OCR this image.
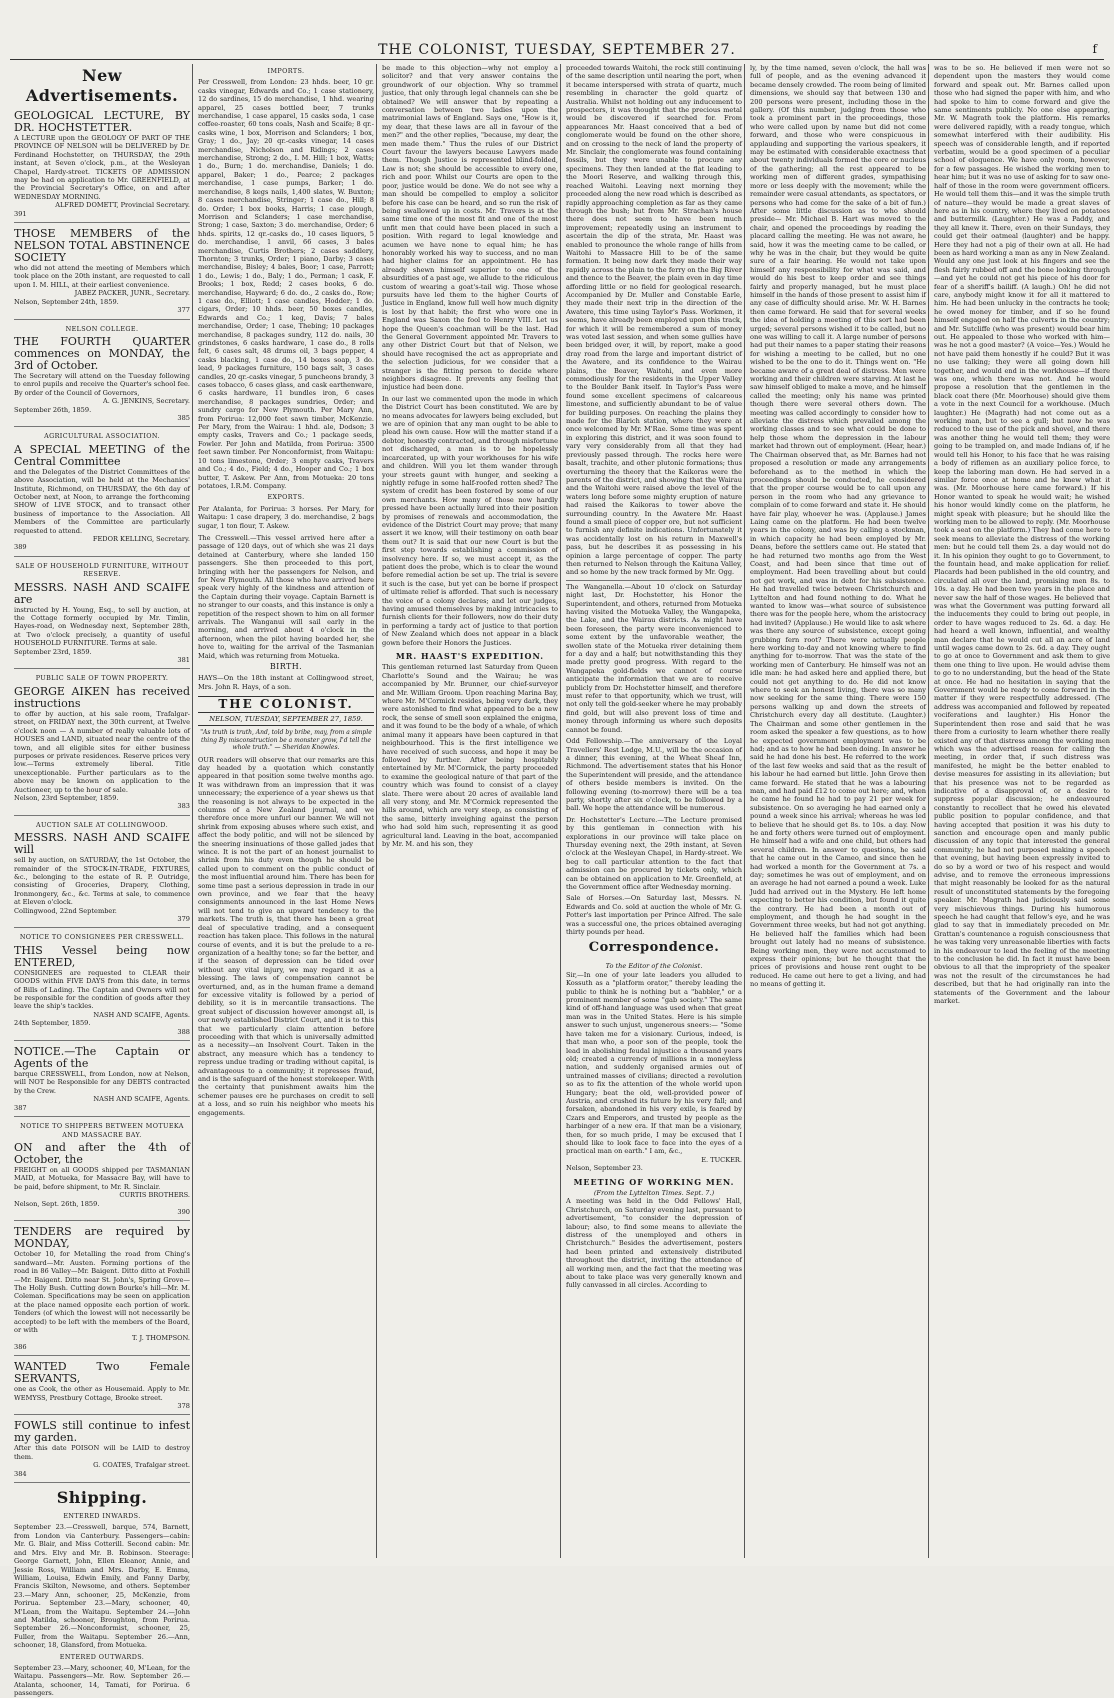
THE COLONIST, TUESDAY, SEPTEMBER 27.	f
New Advertisements.
GEOLOGICAL LECTURE, BY DR. HOCHSTETTER.
A LECTURE upon the GEOLOGY OF PART OF THE PROVINCE OF NELSON will be DELIVERED by Dr. Ferdinand Hochstetter, on THURSDAY, the 29th instant, at Seven o'clock, p.m., at the Wesleyan Chapel, Hardy-street. TICKETS OF ADMISSION may be had on application to Mr. GREENFIELD, at the Provincial Secretary's Office, on and after WEDNESDAY MORNING.
ALFRED DOMETT, Provincial Secretary.
391
THOSE MEMBERS of the NELSON TOTAL ABSTINENCE SOCIETY
who did not attend the meeting of Members which took place on the 20th instant, are requested to call upon I. M. HILL, at their earliest convenience.
JABEZ PACKER, JUNR., Secretary.
Nelson, September 24th, 1859.
377
NELSON COLLEGE.
THE FOURTH QUARTER commences on MONDAY, the 3rd of October.
The Secretary will attend on the Tuesday following to enrol pupils and receive the Quarter's school fee. By order of the Council of Governors,
A. G. JENKINS, Secretary.
September 26th, 1859.
385
AGRICULTURAL ASSOCIATION.
A SPECIAL MEETING of the Central Committee
and the Delegates of the District Committees of the above Association, will be held at the Mechanics' Institute, Richmond, on THURSDAY, the 6th day of October next, at Noon, to arrange the forthcoming SHOW of LIVE STOCK, and to transact other business of importance to the Association. All Members of the Committee are particularly requested to attend.
FEDOR KELLING, Secretary.
389
SALE OF HOUSEHOLD FURNITURE, WITHOUT RESERVE.
MESSRS. NASH AND SCAIFE are
instructed by H. Young, Esq., to sell by auction, at the Cottage formerly occupied by Mr. Timlin, Hayes-road, on Wednesday next, September 28th, at Two o'clock precisely, a quantity of useful HOUSEHOLD FURNITURE. Terms at sale.
September 23rd, 1859.
381
PUBLIC SALE OF TOWN PROPERTY.
GEORGE AIKEN has received instructions
to offer by auction, at his sale room, Trafalgar-street, on FRIDAY next, the 30th current, at Twelve o'clock noon — A number of really valuable lots of HOUSES and LAND, situated near the centre of the town, and all eligible sites for either business purposes or private residences. Reserve prices very low.—Terms extremely liberal. Title unexceptionable. Further particulars as to the above may be known on application to the Auctioneer, up to the hour of sale.
Nelson, 23rd September, 1859.
383
AUCTION SALE AT COLLINGWOOD.
MESSRS. NASH AND SCAIFE will
sell by auction, on SATURDAY, the 1st October, the remainder of the STOCK-IN-TRADE, FIXTURES, &c., belonging to the estate of R. P. Outridge, consisting of Groceries, Drapery, Clothing, Ironmongery, &c., &c. Terms at sale, to commence at Eleven o'clock.
Collingwood, 22nd September.
379
NOTICE TO CONSIGNEES PER CRESSWELL.
THIS Vessel being now ENTERED,
CONSIGNEES are requested to CLEAR their GOODS within FIVE DAYS from this date, in terms of Bills of Lading. The Captain and Owners will not be responsible for the condition of goods after they leave the ship's tackles.
NASH AND SCAIFE, Agents.
24th September, 1859.
388
NOTICE.—The Captain or Agents of the
barque CRESSWELL, from London, now at Nelson, will NOT be Responsible for any DEBTS contracted by the Crew.
NASH AND SCAIFE, Agents.
387
NOTICE TO SHIPPERS BETWEEN MOTUEKA AND MASSACRE BAY.
ON and after the 4th of October, the
FREIGHT on all GOODS shipped per TASMANIAN MAID, at Motueka, for Massacre Bay, will have to be paid, before shipment, to Mr. R. Sinclair.
CURTIS BROTHERS.
Nelson, Sept. 26th, 1859.
390
TENDERS are required by MONDAY,
October 10, for Metalling the road from Ching's sandward—Mr. Austen. Forming portions of the road in 86 Valley—Mr. Baigent. Ditto ditto at Foxhill—Mr. Baigent. Ditto near St. John's, Spring Grove—The Holly Bush. Cutting down Bourke's hill—Mr. M. Coleman. Specifications may be seen on application at the place named opposite each portion of work. Tenders (of which the lowest will not necessarily be accepted) to be left with the members of the Board, or with
T. J. THOMPSON.
386
WANTED Two Female SERVANTS,
one as Cook, the other as Housemaid. Apply to Mr. WEMYSS, Prestbury Cottage, Brooke street.
378
FOWLS still continue to infest my garden.
After this date POISON will be LAID to destroy them.
G. COATES, Trafalgar street.
384
Shipping.
ENTERED INWARDS.
September 23.—Cresswell, barque, 574, Barnett, from London via Canterbury. Passengers—cabin: Mr. G. Blair, and Miss Cotterill. Second cabin: Mr. and Mrs. Elvy and Mr. B. Robinson. Steerage: George Garnett, John, Ellen Eleanor, Annie, and Jessie Ross, William and Mrs. Darby, E. Emma, William, Louisa, Edwin Emily, and Fanny Darby, Francis Skilton, Newsome, and others. September 23.—Mary Ann, schooner, 25, McKenzie, from Porirua. September 23.—Mary, schooner, 40, M'Lean, from the Waitapu. September 24.—John and Matilda, schooner, Broughton, from Porirua. September 26.—Nonconformist, schooner, 25, Fuller, from the Waitapu. September 26.—Ann, schooner, 18, Glansford, from Motueka.
ENTERED OUTWARDS.
September 23.—Mary, schooner, 40, M'Lean, for the Waitapu. Passengers—Mr. Row. September 26.—Atalanta, schooner, 14, Tamati, for Porirua. 6 passengers.
IMPORTS.
Per Cresswell, from London: 23 hhds. beer, 10 gr. casks vinegar, Edwards and Co.; 1 case stationery, 12 do sardines, 15 do merchandise, 1 hhd. wearing apparel, 25 cases bottled beer, 7 trunks merchandise, 1 case apparel, 15 casks soda, 1 case coffee-roaster, 60 tons coals, Nash and Scaife; 8 qr.-casks wine, 1 box, Morrison and Sclanders; 1 box, Gray; 1 do., Jay; 20 qr.-casks vinegar, 14 cases merchandise, Nicholson and Ridings; 2 cases merchandise, Strong; 2 do., I. M. Hill; 1 box, Watts; 1 do., Burn; 1 do. merchandise, Daniels; 1 do. apparel, Baker; 1 do., Pearce; 2 packages merchandise, 1 case pumps, Barker; 1 do. merchandise, 8 kegs nails, 1,400 slates, W. Buxton; 8 cases merchandise, Stringer; 1 case do., Hill; 8 do. Order; 1 box books, Harris; 1 case plough, Morrison and Sclanders; 1 case merchandise, Strong; 1 case, Saxton; 3 do. merchandise, Order; 6 hhds. spirits, 12 qr.-casks do., 10 cases liquors, 5 do. merchandise, 1 anvil, 66 cases, 3 bales merchandise, Curtis Brothers; 2 cases saddlery, Thornton; 3 trunks, Order; 1 piano, Darby; 3 cases merchandise, Bisley; 4 bales, Boor; 1 case, Parrott; 1 do., Lewis; 1 do., Baly; 1 do., Perman; 1 cask, F. Brooks; 1 box, Redd; 2 cases books, 6 do. merchandise, Hayward; 6 do. do., 2 casks do., Row; 1 case do., Elliott; 1 case candles, Hodder; 1 do. cigars, Order; 10 hhds. beer, 50 boxes candles, Edwards and Co.; 1 keg, Davis; 7 bales merchandise, Order; 1 case, Thebing; 10 packages merchandise, 8 packages sundry, 112 do. nails, 30 grindstones, 6 casks hardware, 1 case do., 8 rolls felt, 6 cases salt, 48 drums oil, 3 bags pepper, 4 casks blacking, 1 case do., 14 boxes soap, 3 do. lead, 9 packages furniture, 150 bags salt, 3 cases candles, 20 qr.-casks vinegar, 5 puncheons brandy, 3 cases tobacco, 6 cases glass, and cask earthenware, 6 casks hardware, 11 bundles iron, 6 cases merchandise, 8 packages sundries, Order; and sundry cargo for New Plymouth. Per Mary Ann, from Porirua: 12,000 feet sawn timber, McKenzie. Per Mary, from the Wairau: 1 hhd. ale, Dodson; 3 empty casks, Travers and Co.; 1 package seeds, Fowler. Per John and Matilda, from Porirua: 3500 feet sawn timber. Per Nonconformist, from Waitapu: 10 tons limestone, Order; 3 empty casks, Travers and Co.; 4 do., Field; 4 do., Hooper and Co.; 1 box butter, T. Askew. Per Ann, from Motueka: 20 tons potatoes, I.R.M. Company.
EXPORTS.
Per Atalanta, for Porirua: 3 horses. Per Mary, for Waitapu: 1 case drapery, 3 do. merchandise, 2 bags sugar, 1 ton flour, T. Askew.
The Cresswell.—This vessel arrived here after a passage of 120 days, out of which she was 21 days detained at Canterbury, where she landed 150 passengers. She then proceeded to this port, bringing with her the passengers for Nelson, and for New Plymouth. All those who have arrived here speak very highly of the kindness and attention of the Captain during their voyage. Captain Barnett is no stranger to our coasts, and this instance is only a repetition of the respect shown to him on all former arrivals. The Wanganui will sail early in the morning, and arrived about 4 o'clock in the afternoon, when the pilot having boarded her, she hove to, waiting for the arrival of the Tasmanian Maid, which was returning from Motueka.
BIRTH.
HAYS—On the 18th instant at Collingwood street, Mrs. John R. Hays, of a son.
THE COLONIST.
NELSON, TUESDAY, SEPTEMBER 27, 1859.
"As truth is truth, And, told by bribe, may, from a simple thing By misconstruction be a monster grow, I'd tell the whole truth." — Sheridan Knowles.
OUR readers will observe that our remarks are this day headed by a quotation which constantly appeared in that position some twelve months ago. It was withdrawn from an impression that it was unnecessary; the experience of a year shews us that the reasoning is not always to be expected in the columns of a New Zealand journal, and we therefore once more unfurl our banner. We will not shrink from exposing abuses where such exist, and affect the body politic, and will not be silenced by the sneering insinuations of those galled jades that wince. It is not the part of an honest journalist to shrink from his duty even though he should be called upon to comment on the public conduct of the most influential around him. There has been for some time past a serious depression in trade in our own province, and we fear that the heavy consignments announced in the last Home News will not tend to give an upward tendency to the markets. The truth is, that there has been a great deal of speculative trading, and a consequent reaction has taken place. This follows in the natural course of events, and it is but the prelude to a re-organization of a healthy tone; so far the better, and if the season of depression can be tided over without any vital injury, we may regard it as a blessing. The laws of compensation cannot be overturned, and, as in the human frame a demand for excessive vitality is followed by a period of debility, so it is in mercantile transactions. The great subject of discussion however amongst all, is our newly established District Court, and it is to this that we particularly claim attention before proceeding with that which is universally admitted as a necessity—an Insolvent Court. Taken in the abstract, any measure which has a tendency to repress undue trading or trading without capital, is advantageous to a community; it represses fraud, and is the safeguard of the honest storekeeper. With the certainty that punishment awaits him the schemer pauses ere he purchases on credit to sell at a loss, and so ruin his neighbor who meets his engagements.
be made to this objection—why not employ a solicitor? and that very answer contains the groundwork of our objection. Why so trammel justice, that only through legal channels can she be obtained? We will answer that by repeating a conversation between two ladies upon the matrimonial laws of England. Says one, "How is it, my dear, that these laws are all in favour of the men?" and the other replies, "because, my dear, the men made them." Thus the rules of our District Court favour the lawyers because Lawyers made them. Though Justice is represented blind-folded, Law is not; she should be accessible to every one, rich and poor. Whilst our Courts are open to the poor, justice would be done. We do not see why a man should be compelled to employ a solicitor before his case can be heard, and so run the risk of being swallowed up in costs. Mr. Travers is at the same time one of the most fit and one of the most unfit men that could have been placed in such a position. With regard to legal knowledge and acumen we have none to equal him; he has honorably worked his way to success, and no man had higher claims for an appointment. He has already shewn himself superior to one of the absurdities of a past age, we allude to the ridiculous custom of wearing a goat's-tail wig. Those whose pursuits have led them to the higher Courts of Justice in England, know full well how much dignity is lost by that habit; the first who wore one in England was Saxon the fool to Henry VIII. Let us hope the Queen's coachman will be the last. Had the General Government appointed Mr. Travers to any other District Court but that of Nelson, we should have recognised the act as appropriate and the selection judicious, for we consider that a stranger is the fitting person to decide where neighbors disagree. It prevents any feeling that injustice had been done.
In our last we commented upon the mode in which the District Court has been constituted. We are by no means advocates for lawyers being excluded, but we are of opinion that any man ought to be able to plead his own cause. How will the matter stand if a debtor, honestly contracted, and through misfortune not discharged, a man is to be hopelessly incarcerated, up with your workhouses for his wife and children. Will you let them wander through your streets gaunt with hunger, and seeking a nightly refuge in some half-roofed rotten shed? The system of credit has been fostered by some of our own merchants. How many of those now hardly pressed have been actually lured into their position by promises of renewals and accommodation, the evidence of the District Court may prove; that many assert it we know, will their testimony on oath bear them out? It is said that our new Court is but the first step towards establishing a commission of insolvency here. If so, we must accept it, as the patient does the probe, which is to clear the wound before remedial action be set up. The trial is severe it such is the case, but yet can be borne if prospect of ultimate relief is afforded. That such is necessary the voice of a colony declares; and let our judges, having amused themselves by making intricacies to furnish clients for their followers, now do their duty in performing a tardy act of justice to that portion of New Zealand which does not appear in a black gown before their Honors the Justices.
MR. HAAST'S EXPEDITION.
This gentleman returned last Saturday from Queen Charlotte's Sound and the Wairau; he was accompanied by Mr. Brunner, our chief-surveyor and Mr. William Groom. Upon reaching Marina Bay, where Mr. M'Cormick resides, being very dark, they were astonished to find what appeared to be a new rock, the sense of smell soon explained the enigma, and it was found to be the body of a whale, of which animal many it appears have been captured in that neighbourhood. This is the first intelligence we have received of such success, and hope it may be followed by further. After being hospitably entertained by Mr. M'Cormick, the party proceeded to examine the geological nature of that part of the country which was found to consist of a clayey slate. There were about 20 acres of available land all very stony, and Mr. M'Cormick represented the hills around, which are very steep, as consisting of the same, bitterly inveighing against the person who had sold him such, representing it as good agricultural land. Leaving in the boat, accompanied by Mr. M. and his son, they
proceeded towards Waitohi, the rock still continuing of the same description until nearing the port, when it became interspersed with strata of quartz, much resembling in character the gold quartz of Australia. Whilst not holding out any inducement to prospecters, it was thought that the precious metal would be discovered if searched for. From appearances Mr. Haast conceived that a bed of conglomerate would be found on the other shore, and on crossing to the neck of land the property of Mr. Sinclair, the conglomerate was found containing fossils, but they were unable to procure any specimens. They then landed at the flat leading to the Moori Reserve, and walking through this, reached Waitohi. Leaving next morning they proceeded along the new road which is described as rapidly approaching completion as far as they came through the bush; but from Mr. Strachan's house there does not seem to have been much improvement; repeatedly using an instrument to ascertain the dip of the strata, Mr. Haast was enabled to pronounce the whole range of hills from Waitohi to Massacre Hill to be of the same formation. It being now dark they made their way rapidly across the plain to the ferry on the Big River and thence to the Beaver, the plain even in day time affording little or no field for geological research. Accompanied by Dr. Muller and Constable Earle, they made their next trip in the direction of the Awatere, this time using Taylor's Pass. Workmen, it seems, have already been employed upon this track, for which it will be remembered a sum of money was voted last session, and when some gullies have been bridged over, it will, by report, make a good dray road from the large and important district of the Awatere, and its confidence to the Wairau plains, the Beaver, Waitohi, and even more commodiously for the residents in the Upper Valley to the Boulder Bank itself. In Taylor's Pass were found some excellent specimens of calcareous limestone, and sufficiently abundant to be of value for building purposes. On reaching the plains they made for the Blarich station, where they were at once welcomed by Mr. M'Rae. Some time was spent in exploring this district, and it was soon found to vary very considerably from all that they had previously passed through. The rocks here were basalt, trachite, and other plutonic formations; thus overturning the theory that the Kaikoras were the parents of the district, and showing that the Wairau and the Waitohi were raised above the level of the waters long before some mighty eruption of nature had raised the Kaikoras to tower above the surrounding country. In the Awatere Mr. Haast found a small piece of copper ore, but not sufficient to furnish any definite indications. Unfortunately it was accidentally lost on his return in Maxwell's pass, but he describes it as possessing in his opinion a large percentage of copper. The party then returned to Nelson through the Kaituna Valley, and so home by the new track formed by Mr. Ogg.
The Wanganella.—About 10 o'clock on Saturday night last, Dr. Hochstetter, his Honor the Superintendent, and others, returned from Motueka having visited the Motueka Valley, the Wangapeka, the Lake, and the Wairau districts. As might have been foreseen, the party were inconvenienced to some extent by the unfavorable weather, the swollen state of the Motueka river detaining them for a day and a half; but notwithstanding this they made pretty good progress. With regard to the Wangapeka gold-fields we cannot of course anticipate the information that we are to receive publicly from Dr. Hochstetter himself, and therefore must refer to that opportunity, which we trust, will not only tell the gold-seeker where he may probably find gold, but will also prevent loss of time and money through informing us where such deposits cannot be found.
Odd Fellowship.—The anniversary of the Loyal Travellers' Rest Lodge, M.U., will be the occasion of a dinner, this evening, at the Wheat Sheaf Inn, Richmond. The advertisement states that his Honor the Superintendent will preside, and the attendance of others beside members is invited. On the following evening (to-morrow) there will be a tea party, shortly after six o'clock, to be followed by a ball. We hope the attendance will be numerous.
Dr. Hochstetter's Lecture.—The Lecture promised by this gentleman in connection with his explorations in our province will take place on Thursday evening next, the 29th instant, at Seven o'clock at the Wesleyan Chapel, in Hardy-street. We beg to call particular attention to the fact that admission can be procured by tickets only, which can be obtained on application to Mr. Greenfield, at the Government office after Wednesday morning.
Sale of Horses.—On Saturday last, Messrs. N. Edwards and Co. sold at auction the whole of Mr. G. Potter's last importation per Prince Alfred. The sale was a successful one, the prices obtained averaging thirty pounds per head.
Correspondence.
To the Editor of the Colonist.
Sir,—In one of your late leaders you alluded to Kossuth as a "platform orator," thereby leading the public to think he is nothing but a "babbler," or a prominent member of some "gab society." The same kind of off-hand language was used when that great man was in the United States. Here is his simple answer to such unjust, ungenerous sneers:— "Some have taken me for a visionary. Curious, indeed, is that man who, a poor son of the people, took the lead in abolishing feudal injustice a thousand years old; created a currency of millions in a moneyless nation, and suddenly organised armies out of untrained masses of civilians; directed a revolution so as to fix the attention of the whole world upon Hungary; beat the old, well-provided power of Austria, and crushed its future by his very fall; and forsaken, abandoned in his very exile, is feared by Czars and Emperors, and trusted by people as the harbinger of a new era. If that man be a visionary, then, for so much pride, I may be excused that I should like to look face to face into the eyes of a practical man on earth." I am, &c.,
E. TUCKER.
Nelson, September 23.
MEETING OF WORKING MEN.
(From the Lyttelton Times. Sept. 7.)
A meeting was held in the Odd Fellows' Hall, Christchurch, on Saturday evening last, pursuant to advertisement, "to consider the depression of labour; also, to find some means to alleviate the distress of the unemployed and others in Christchurch." Besides the advertisement, posters had been printed and extensively distributed throughout the district, inviting the attendance of all working men, and the fact that the meeting was about to take place was very generally known and fully canvassed in all circles. According to
ly, by the time named, seven o'clock, the hall was full of people, and as the evening advanced it became densely crowded. The room being of limited dimensions, we should say that between 130 and 200 persons were present, including those in the gallery. (Of this number, judging from those who took a prominent part in the proceedings, those who were called upon by name but did not come forward, and those who were conspicuous in applauding and supporting the various speakers, it may be estimated with considerable exactness that about twenty individuals formed the core or nucleus of the gathering; all the rest appeared to be working men of different grades, sympathising more or less deeply with the movement; while the remainder were casual attendants, as spectators, or persons who had come for the sake of a bit of fun.) After some little discussion as to who should preside— Mr. Michael B. Hart was moved to the chair, and opened the proceedings by reading the placard calling the meeting. He was not aware, he said, how it was the meeting came to be called, or why he was in the chair, but they would be quite sure of a fair hearing. He would not take upon himself any responsibility for what was said, and would do his best to keep order and see things fairly and properly managed, but he must place himself in the hands of those present to assist him if any case of difficulty should arise. Mr. W. H. Barnes then came forward. He said that for several weeks the idea of holding a meeting of this sort had been urged; several persons wished it to be called, but no one was willing to call it. A large number of persons had put their names to a paper stating their reasons for wishing a meeting to be called, but no one wished to be the one to do it. Things went on. "He became aware of a great deal of distress. Men were working and their children were starving. At last he saw himself obliged to make a move, and he himself called the meeting; only his name was printed though there were several others down. The meeting was called accordingly to consider how to alleviate the distress which prevailed among the working classes and to see what could be done to help those whom the depression in the labour market had thrown out of employment. (Hear, hear.) The Chairman observed that, as Mr. Barnes had not proposed a resolution or made any arrangements beforehand as to the method in which the proceedings should be conducted, he considered that the proper course would be to call upon any person in the room who had any grievance to complain of to come forward and state it. He should have fair play, whoever he was. (Applause.) James Laing came on the platform. He had been twelve years in the colony, and was by calling a stockman, in which capacity he had been employed by Mr. Deans, before the settlers came out. He stated that he had returned two months ago from the West Coast, and had been since that time out of employment. Had been travelling about but could not get work, and was in debt for his subsistence. He had travelled twice between Christchurch and Lyttelton and had found nothing to do. What he wanted to know was—what source of subsistence there was for the people here, whom the aristocracy had invited? (Applause.) He would like to ask where was there any source of subsistence, except going grubbing fern root? There were actually people here working to-day and not knowing where to find anything for to-morrow. That was the state of the working men of Canterbury. He himself was not an idle man: he had asked here and applied there, but could not get anything to do. He did not know where to seek an honest living, there was so many now seeking for the same thing. There were 150 persons walking up and down the streets of Christchurch every day all destitute. (Laughter.) The Chairman and some other gentlemen in the room asked the speaker a few questions, as to how he expected government employment was to be had; and as to how he had been doing. In answer he said he had done his best. He referred to the work of the last few weeks and said that as the result of his labour he had earned but little. John Grove then came forward. He stated that he was a labouring man, and had paid £12 to come out here; and, when he came he found he had to pay 21 per week for subsistence. On so averaging he had earned only a pound a week since his arrival; whereas he was led to believe that he should get 8s. to 10s. a day. Now he and forty others were turned out of employment. He himself had a wife and one child, but others had several children. In answer to questions, he said that he came out in the Cameo, and since then he had worked a month for the Government at 7s. a day; sometimes he was out of employment, and on an average he had not earned a pound a week. Luke Judd had arrived out in the Mystery. He left home expecting to better his condition, but found it quite the contrary. He had been a month out of employment, and though he had sought in the Government three weeks, but had not got anything. He believed half the families which had been brought out lately had no means of subsistence. Being working men, they were not accustomed to express their opinions; but he thought that the prices of provisions and house rent ought to be reduced. He came out here to get a living, and had no means of getting it.
was to be so. He believed if men were not so dependent upon the masters they would come forward and speak out. Mr. Barnes called upon those who had signed the paper with him, and who had spoke to him to come forward and give the same sentiments publicly. No one else appearing, Mr. W. Magrath took the platform. His remarks were delivered rapidly, with a ready tongue, which somewhat interfered with their audibility. His speech was of considerable length, and if reported verbatim, would be a good specimen of a peculiar school of eloquence. We have only room, however, for a few passages. He wished the working men to hear him; but it was no use of asking for to saw one-half of those in the room were government officers. He would tell them this—and it was the simple truth of nature—they would be made a great slaves of here as in his country, where they lived on potatoes and buttermilk. (Laughter.) He was a Paddy, and they all knew it. There, even on their Sundays, they could get their oatmeal (laughter) and be happy. Here they had not a pig of their own at all. He had been as hard working a man as any in New Zealand. Would any one just look at his fingers and see the flesh fairly rubbed off and the bone looking through—and yet he could not get his piece of his door for fear of a sheriff's bailiff. (A laugh.) Oh! he did not care, anybody might know it for all it mattered to him. He had been unlucky in the contracts he took; he owed money for timber, and if so he found himself engaged on half the culverts in the country; and Mr. Sutcliffe (who was present) would bear him out. He appealed to those who worked with him—was he not a good master? (A voice—Yes.) Would he not have paid them honestly if he could? But it was no use talking; they were all going down hill together, and would end in the workhouse—if there was one, which there was not. And he would propose a resolution that the gentlemen in the black coat there (Mr. Moorhouse) should give them a vote in the next Council for a workhouse. (Much laughter.) He (Magrath) had not come out as a working man, but to see a gull; but now he was reduced to the use of the pick and shovel, and there was another thing he would tell them; they were going to be trampled on, and made Indians of, if he would tell his Honor, to his face that he was raising a body of riflemen as an auxiliary police force, to keep the laboring man down. He had served in a similar force once at home and he knew what it was. (Mr. Moorhouse here came forward.) If his Honor wanted to speak he would wait; he wished his honor would kindly come on the platform, he might speak with pleasure; but he should like the working men to be allowed to reply. (Mr. Moorhouse took a seat on the platform.) They had come here to seek means to alleviate the distress of the working men: but he could tell them 2s. a day would not do it. In his opinion they ought to go to Government, to the fountain head, and make application for relief. Placards had been published in the old country, and circulated all over the land, promising men 8s. to 10s. a day. He had been two years in the place and never saw the half of those wages. He believed that was what the Government was putting forward all the inducements they could to bring out people, in order to have wages reduced to 2s. 6d. a day. He had heard a well known, influential, and wealthy man declare that he would cut all an acre of land until wages came down to 2s. 6d. a day. They ought to go at once to Government and ask them to give them one thing to live upon. He would advise them to go to no understanding, but the head of the State at once. He had no hesitation in saying that the Government would be ready to come forward in the matter if they were respectfully addressed. (The address was accompanied and followed by repeated vociferations and laughter.) His Honor the Superintendent then rose and said that he was there from a curiosity to learn whether there really existed any of that distress among the working men which was the advertised reason for calling the meeting, in order that, if such distress was manifested, he might be the better enabled to devise measures for assisting in its alleviation; but that his presence was not to be regarded as indicative of a disapproval of, or a desire to suppress popular discussion; he endeavoured constantly to recollect that he owed his elevated public position to popular confidence, and that having accepted that position it was his duty to sanction and encourage open and manly public discussion of any topic that interested the general community; he had not purposed making a speech that evening, but having been expressly invited to do so by a word or two of his respect and would advise, and to remove the erroneous impressions that might reasonably be looked for as the natural result of unconstituted statements by the foregoing speaker. Mr. Magrath had judiciously said some very mischievous things. During his humorous speech he had caught that fellow's eye, and he was glad to say that in immediately preceded on Mr. Grattan's countenance a roguish consciousness that he was taking very unreasonable liberties with facts in his endeavour to lead the feeling of the meeting to the conclusion he did. In fact it must have been obvious to all that the impropriety of the speaker was not the result of the circumstances he had described, but that he had originally ran into the statements of the Government and the labour market.
